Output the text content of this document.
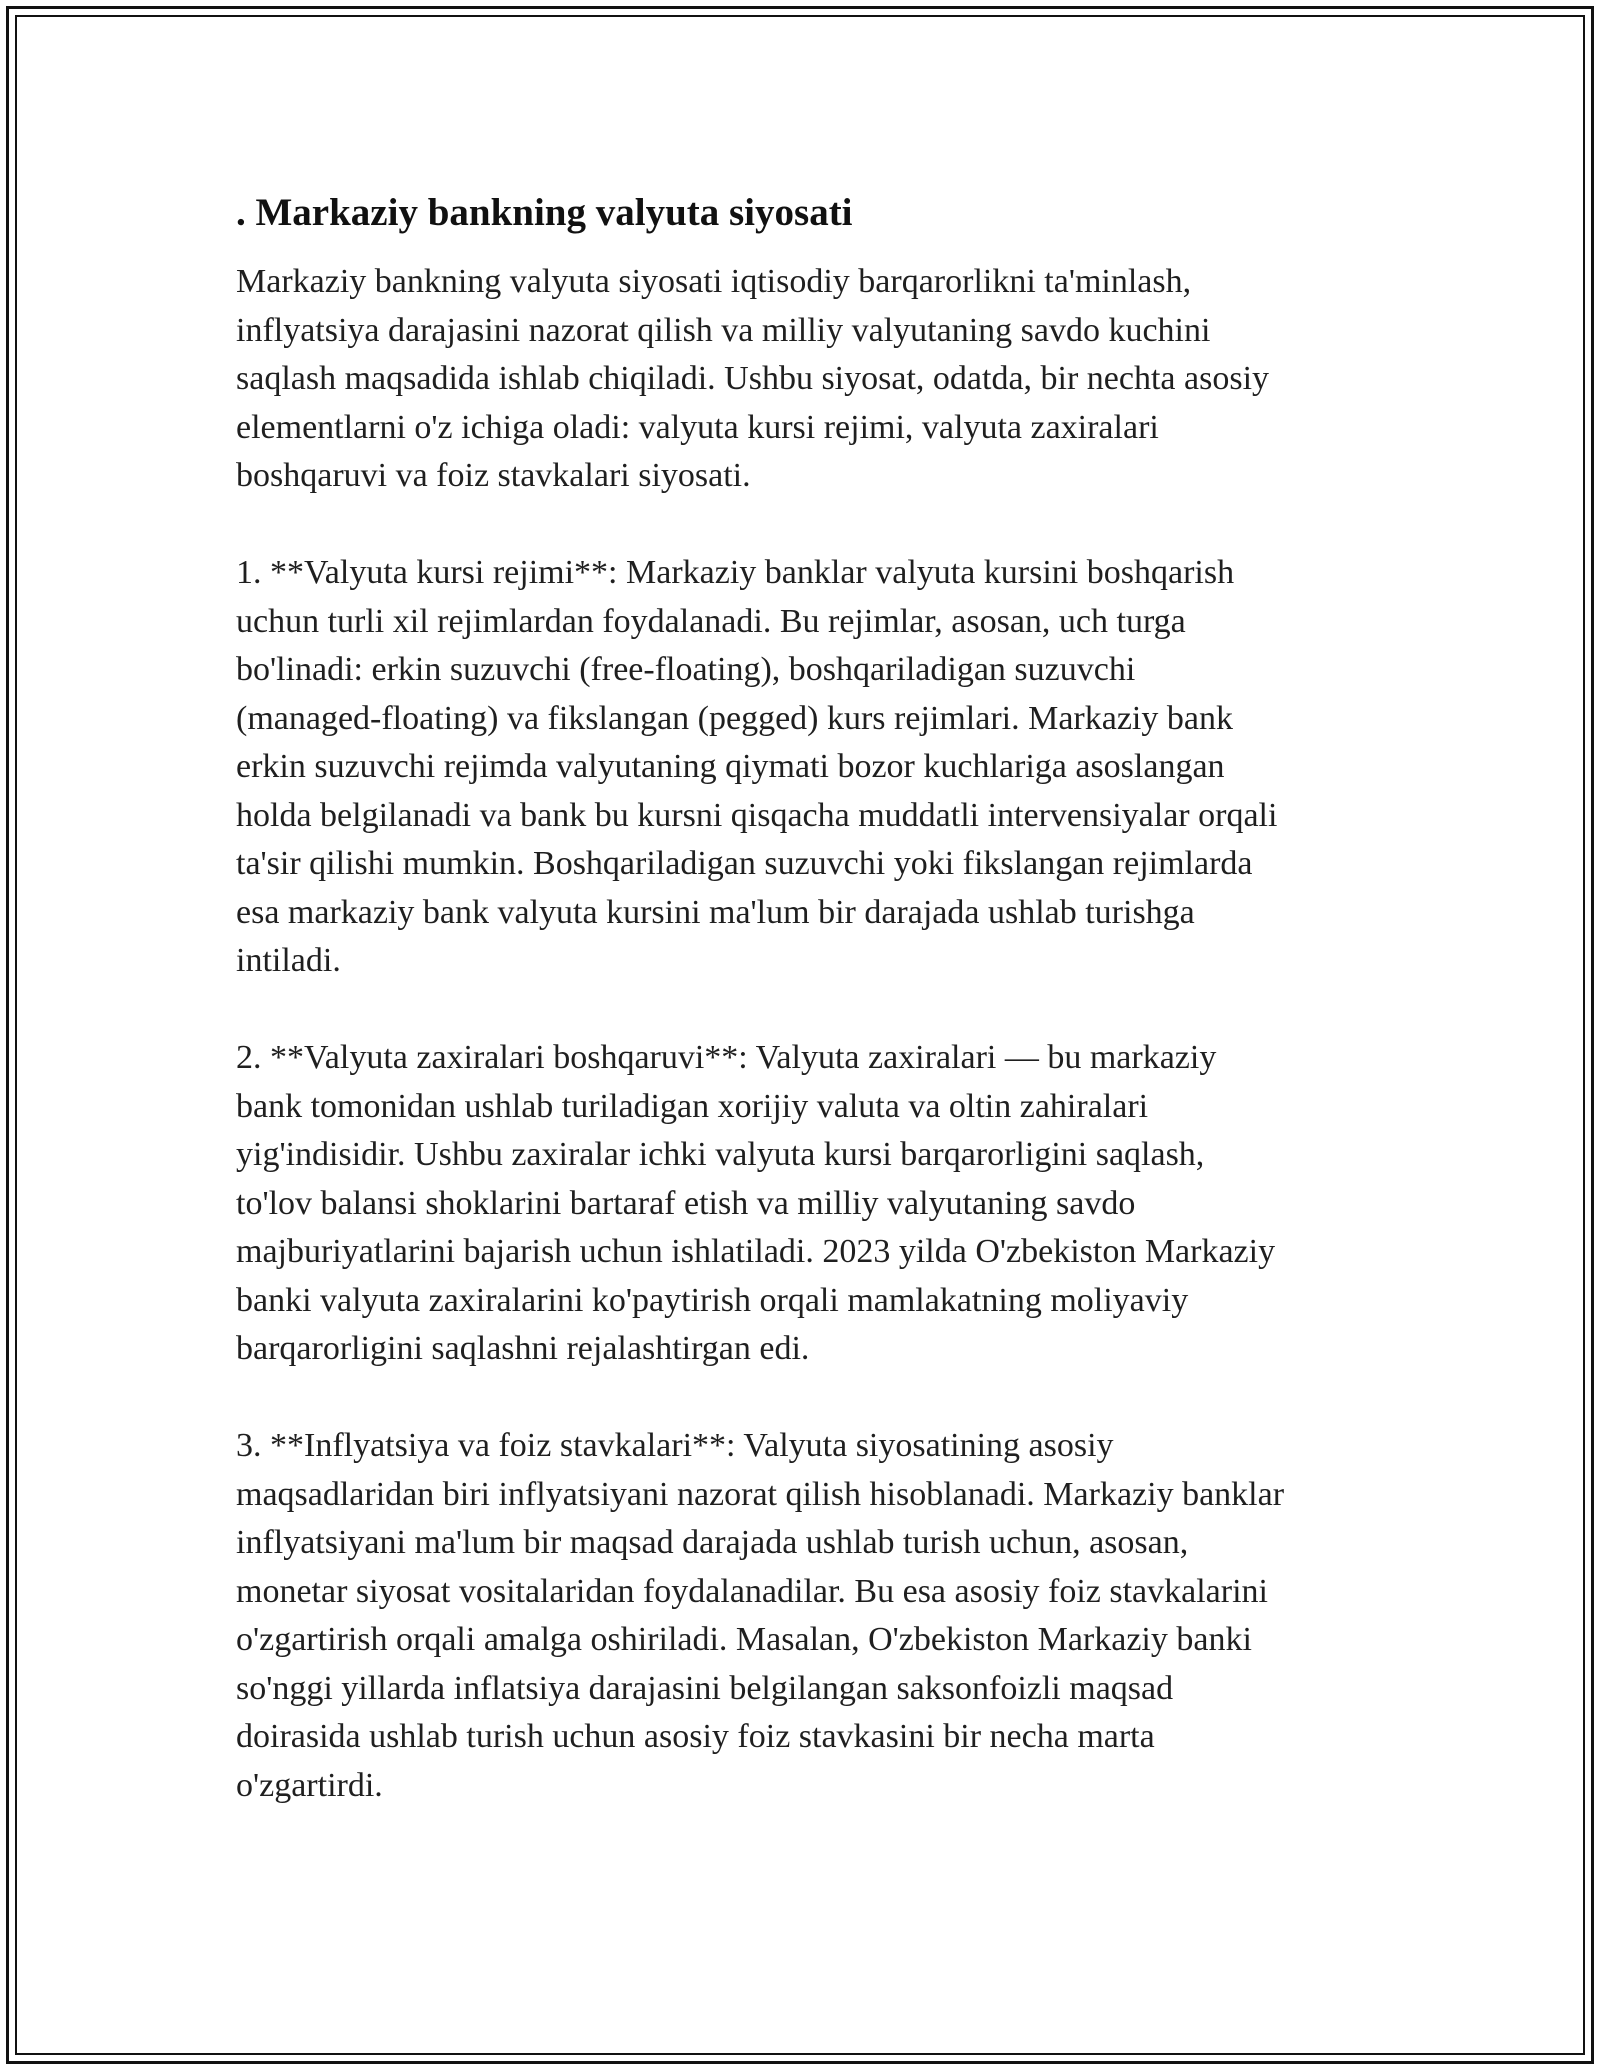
. Markaziy bankning valyuta siyosati

Markaziy bankning valyuta siyosati iqtisodiy barqarorlikni ta'minlash,
inflyatsiya darajasini nazorat qilish va milliy valyutaning savdo kuchini
saqlash maqsadida ishlab chiqiladi. Ushbu siyosat, odatda, bir nechta asosiy
elementlarni o'z ichiga oladi: valyuta kursi rejimi, valyuta zaxiralari
boshqaruvi va foiz stavkalari siyosati.

1. **Valyuta kursi rejimi**: Markaziy banklar valyuta kursini boshqarish
uchun turli xil rejimlardan foydalanadi. Bu rejimlar, asosan, uch turga
bo'linadi: erkin suzuvchi (free-floating), boshqariladigan suzuvchi
(managed-floating) va fikslangan (pegged) kurs rejimlari. Markaziy bank
erkin suzuvchi rejimda valyutaning qiymati bozor kuchlariga asoslangan
holda belgilanadi va bank bu kursni qisqacha muddatli intervensiyalar orqali
ta'sir qilishi mumkin. Boshqariladigan suzuvchi yoki fikslangan rejimlarda
esa markaziy bank valyuta kursini ma'lum bir darajada ushlab turishga
intiladi.

2. **Valyuta zaxiralari boshqaruvi**: Valyuta zaxiralari — bu markaziy
bank tomonidan ushlab turiladigan xorijiy valuta va oltin zahiralari
yig'indisidir. Ushbu zaxiralar ichki valyuta kursi barqarorligini saqlash,
to'lov balansi shoklarini bartaraf etish va milliy valyutaning savdo
majburiyatlarini bajarish uchun ishlatiladi. 2023 yilda O'zbekiston Markaziy
banki valyuta zaxiralarini ko'paytirish orqali mamlakatning moliyaviy
barqarorligini saqlashni rejalashtirgan edi.

3. **Inflyatsiya va foiz stavkalari**: Valyuta siyosatining asosiy
maqsadlaridan biri inflyatsiyani nazorat qilish hisoblanadi. Markaziy banklar
inflyatsiyani ma'lum bir maqsad darajada ushlab turish uchun, asosan,
monetar siyosat vositalaridan foydalanadilar. Bu esa asosiy foiz stavkalarini
o'zgartirish orqali amalga oshiriladi. Masalan, O'zbekiston Markaziy banki
so'nggi yillarda inflatsiya darajasini belgilangan saksonfoizli maqsad
doirasida ushlab turish uchun asosiy foiz stavkasini bir necha marta
o'zgartirdi.
